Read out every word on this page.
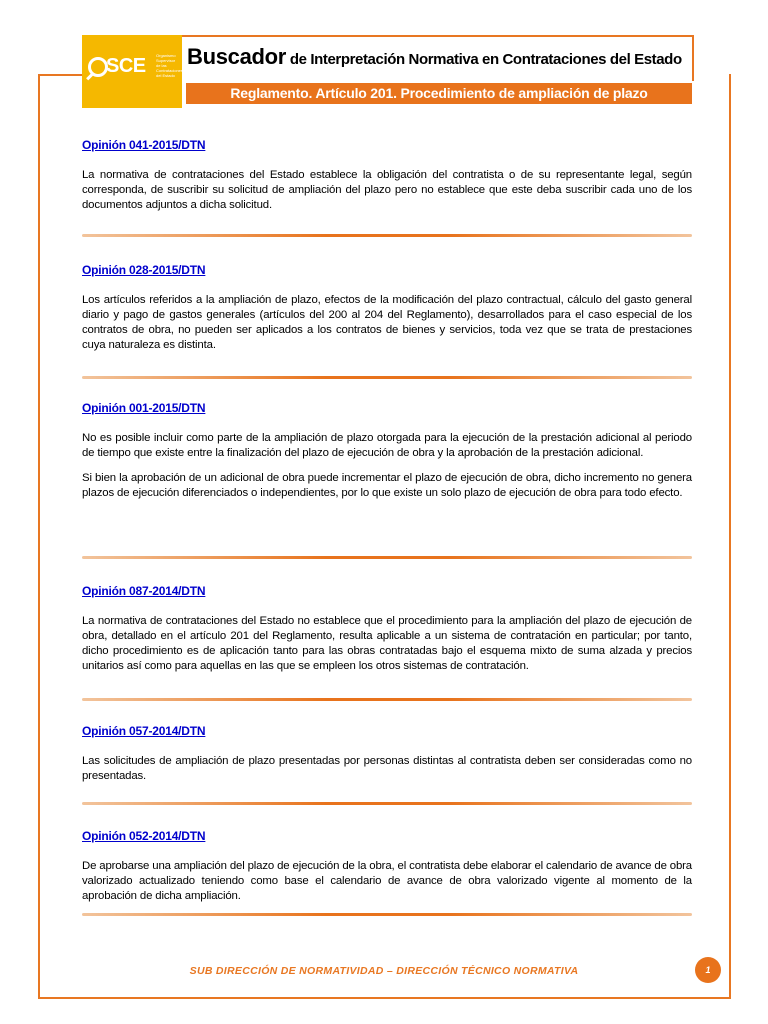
SCE	Organismo Supervisor de las Contrataciones del Estado
Buscador de Interpretación Normativa en Contrataciones del Estado
Reglamento. Artículo 201. Procedimiento de ampliación de plazo
Opinión 041-2015/DTN

La normativa de contrataciones del Estado establece la obligación del contratista o de su representante legal, según corresponda, de suscribir su solicitud de ampliación del plazo pero no establece que este deba suscribir cada uno de los documentos adjuntos a dicha solicitud.

Opinión 028-2015/DTN

Los artículos referidos a la ampliación de plazo, efectos de la modificación del plazo contractual, cálculo del gasto general diario y pago de gastos generales (artículos del 200 al 204 del Reglamento), desarrollados para el caso especial de los contratos de obra, no pueden ser aplicados a los contratos de bienes y servicios, toda vez que se trata de prestaciones cuya naturaleza es distinta.

Opinión 001-2015/DTN

No es posible incluir como parte de la ampliación de plazo otorgada para la ejecución de la prestación adicional al periodo de tiempo que existe entre la finalización del plazo de ejecución de obra y la aprobación de la prestación adicional.

Si bien la aprobación de un adicional de obra puede incrementar el plazo de ejecución de obra, dicho incremento no genera plazos de ejecución diferenciados o independientes, por lo que existe un solo plazo de ejecución de obra para todo efecto.

Opinión 087-2014/DTN

La normativa de contrataciones del Estado no establece que el procedimiento para la ampliación del plazo de ejecución de obra, detallado en el artículo 201 del Reglamento, resulta aplicable a un sistema de contratación en particular; por tanto, dicho procedimiento es de aplicación tanto para las obras contratadas bajo el esquema mixto de suma alzada y precios unitarios así como para aquellas en las que se empleen los otros sistemas de contratación.

Opinión 057-2014/DTN

Las solicitudes de ampliación de plazo presentadas por personas distintas al contratista deben ser consideradas como no presentadas.

Opinión 052-2014/DTN

De aprobarse una ampliación del plazo de ejecución de la obra, el contratista debe elaborar el calendario de avance de obra valorizado actualizado teniendo como base el calendario de avance de obra valorizado vigente al momento de la aprobación de dicha ampliación.

SUB DIRECCIÓN DE NORMATIVIDAD – DIRECCIÓN TÉCNICO NORMATIVA	1
